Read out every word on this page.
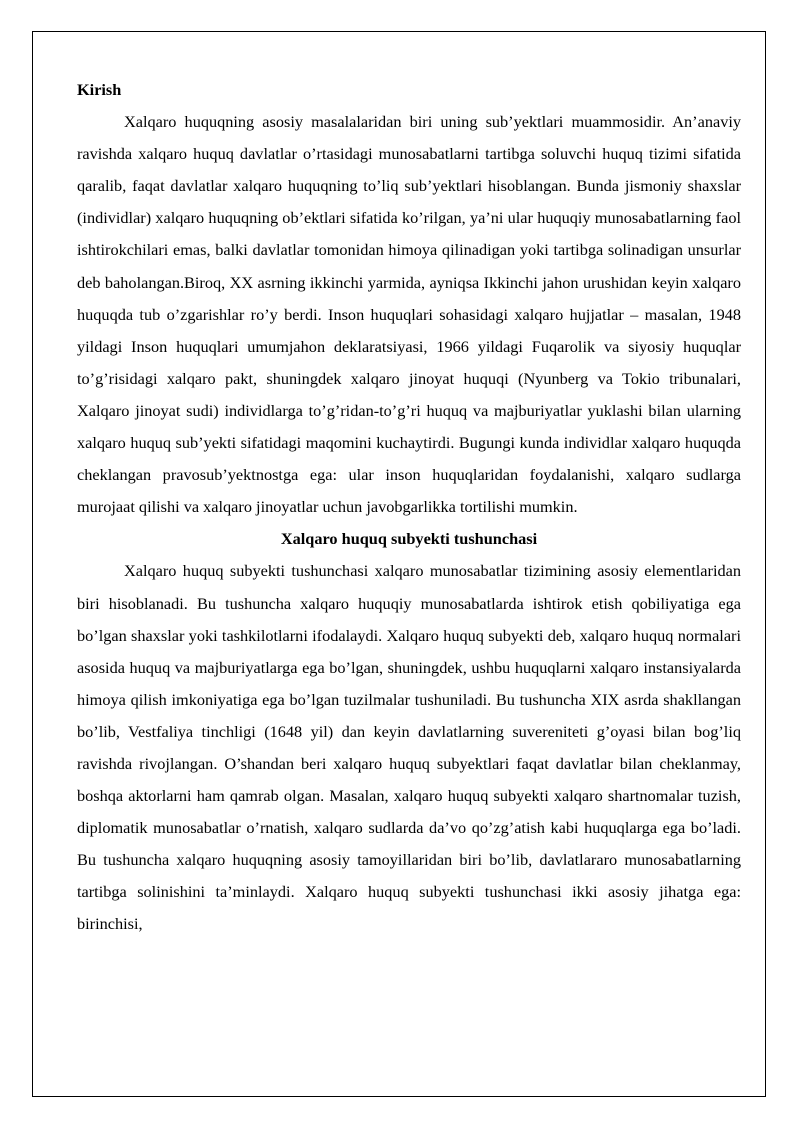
Kirish

Xalqaro huquqning asosiy masalalaridan biri uning sub’yektlari muammosidir. An’anaviy ravishda xalqaro huquq davlatlar o’rtasidagi munosabatlarni tartibga soluvchi huquq tizimi sifatida qaralib, faqat davlatlar xalqaro huquqning to’liq sub’yektlari hisoblangan. Bunda jismoniy shaxslar (individlar) xalqaro huquqning ob’ektlari sifatida ko’rilgan, ya’ni ular huquqiy munosabatlarning faol ishtirokchilari emas, balki davlatlar tomonidan himoya qilinadigan yoki tartibga solinadigan unsurlar deb baholangan.Biroq, XX asrning ikkinchi yarmida, ayniqsa Ikkinchi jahon urushidan keyin xalqaro huquqda tub o’zgarishlar ro’y berdi. Inson huquqlari sohasidagi xalqaro hujjatlar – masalan, 1948 yildagi Inson huquqlari umumjahon deklaratsiyasi, 1966 yildagi Fuqarolik va siyosiy huquqlar to’g’risidagi xalqaro pakt, shuningdek xalqaro jinoyat huquqi (Nyunberg va Tokio tribunalari, Xalqaro jinoyat sudi) individlarga to’g’ridan-to’g’ri huquq va majburiyatlar yuklashi bilan ularning xalqaro huquq sub’yekti sifatidagi maqomini kuchaytirdi. Bugungi kunda individlar xalqaro huquqda cheklangan pravosub’yektnostga ega: ular inson huquqlaridan foydalanishi, xalqaro sudlarga murojaat qilishi va xalqaro jinoyatlar uchun javobgarlikka tortilishi mumkin.

Xalqaro huquq subyekti tushunchasi

Xalqaro huquq subyekti tushunchasi xalqaro munosabatlar tizimining asosiy elementlaridan biri hisoblanadi. Bu tushuncha xalqaro huquqiy munosabatlarda ishtirok etish qobiliyatiga ega bo’lgan shaxslar yoki tashkilotlarni ifodalaydi. Xalqaro huquq subyekti deb, xalqaro huquq normalari asosida huquq va majburiyatlarga ega bo’lgan, shuningdek, ushbu huquqlarni xalqaro instansiyalarda himoya qilish imkoniyatiga ega bo’lgan tuzilmalar tushuniladi. Bu tushuncha XIX asrda shakllangan bo’lib, Vestfaliya tinchligi (1648 yil) dan keyin davlatlarning suvereniteti g’oyasi bilan bog’liq ravishda rivojlangan. O’shandan beri xalqaro huquq subyektlari faqat davlatlar bilan cheklanmay, boshqa aktorlarni ham qamrab olgan. Masalan, xalqaro huquq subyekti xalqaro shartnomalar tuzish, diplomatik munosabatlar o’rnatish, xalqaro sudlarda da’vo qo’zg’atish kabi huquqlarga ega bo’ladi. Bu tushuncha xalqaro huquqning asosiy tamoyillaridan biri bo’lib, davlatlararo munosabatlarning tartibga solinishini ta’minlaydi. Xalqaro huquq subyekti tushunchasi ikki asosiy jihatga ega: birinchisi,
